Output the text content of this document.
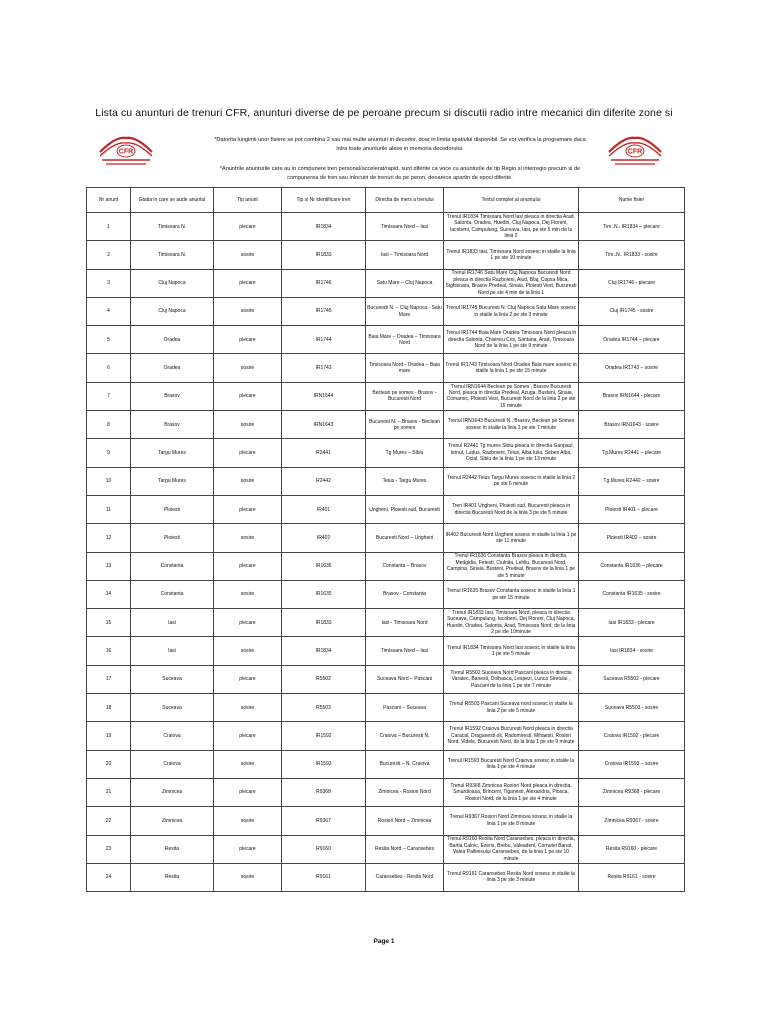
Lista cu anunturi de trenuri CFR, anunturi diverse de pe peroane precum si discutii radio intre mecanici din diferite zone si
CFR	CFR
*Datorita lungimii unor fisiere se pot combina 2 sau mai multe anunturi in decodor, doar in limita spatiului disponibil. Se vor verifica la programare daca intra toate anunturile alese in memoria decodorului.
*Anuntrile anunturile care au in compunere tren personal/accelerat/rapid, sunt diferite ca voce cu anunturile de tip Regio si interregio precum si de compunerea de tren sau inlocuiri de trenuri de pe peron, deoarece apartin de epoci diferite.
Nr anunt	Gtatia in care se aude anuntul	Tip anunt	Tip si Nr identificare tren	Directia de mers a trenului	Textul complet al anuntului	Nume fisier
1	Timisoara N.	plecare	IR1834	Timisoara Nord – Iasi	Trenul IR1834 Timisoara Nord Iasi pleaca in directia Arad, Salonta, Oradea, Huedin, Cluj Napoca, Dej Floreni, Iacobeni, Campulung, Suceava, Iasi, pe ste 5 min de la linia 2	Tim..N.. IR1834 – plecare
2	Timisoara N.	sosire	IR1833	Iasi – Timisoara Nord	Trenul IR1833 Iasi, Timisoara Nord sosesc in staiile la linia 1 pe ste 10 minute	Tim..N.. IR1833 - sosire
3	Cluj Napoca	plecare	IR1746	Satu Mare – Cluj Napoca	Trenul IR1746 Satu Mare Cluj Napoca Bucuresti Nord pleaca in directia Razboieni, Aiud, Blaj, Copsa Mica, Sighisoara, Brasov Predeal, Sinaia, Ploiesti Vest, Bucuresti Nord pe ste 4 min de la linia 1	Cluj IR1746 - plecare
4	Cluj Napoca	sosire	IR1745	Bucuresti N. – Cluj Napoca - Satu Mare	Trenul IR1745 Bucuresti N. Cluj Napoca Satu Mare sosesc in staiile la linia 2 pe ste 3 minute	Cluj IR1745 - sosire
5	Oradea	plecare	IR1744	Baia Mare – Oradea – Timisoara Nord	Trenul IR1744 Baia Mare Oradea Timisoara Nord pleaca in directia Salonta, Chisineu Cris, Santana, Arad, Timisoara Nord de la linia 1 pe ste 9 minute	Oradea IR1744 – plecare
6	Oradea	sosire	IR1743	Timisoara Nord - Oradea – Baia mare	Trenul IR1743 Timisoara Nord Oradea Baia mare sosesc in staiile la linia 1 pe ste 15 minute	Oradea IR1743 – sosire
7	Brasov	plecare	IRN1644	Beclean pe somes - Brasov - Bucuresti Nord	Trenul IRN1644 Beclean pe Somes , Brasov Bucuresti Nord, pleaca in directia Predeal, Azuga, Busteni, Sinaia, Comarnic, Ploiesti Vest, Bucuresti Nord de la linia 2 pe ste 15 minute	Brasov IRN1644 - plecare
8	Brasov	sosire	IRN1643	Bucuresti N. – Brasov - Beclean pe somes	Trenul IRN1643 Bucuresti N., Brasov, Beclean pe Somes sosesc in staiile la linia 2 pe ste 7 minute	Brasov IRN1643 - sosire
9	Targu Mures	plecare	R2441	Tg Mures – Sibiu	Trenul R2441 Tg mures Sibiu pleaca in directia Ganpaul, Iernut, Ludus, Razboieni, Teius, Alba Iulia, Sebes Alba, Ocial, Sibiu de la linia 1 pe ste 13 minute	Tg.Mures R2441 – plecare
10	Targu Mures	sosire	R2442	Teius - Targu Mures	Trenul R2442 Teius Targu Mures sosesc in staiile la linia 2 pe ste 6 minute	Tg.Mures R2442 – sosire
11	Ploiesti	plecare	IR401	Ungheni, Ploiesti sud, Bucuresti	Tren IR401 Ungheni, Ploiesti sud, Bucuresti pleaca in directia Bucuresti Nord de la linia 3 pe ste 5 minute	Ploiesti IR401 – plecare
12	Ploiesti	sosire	IR402	Bucuresti Nord – Ungheni	IR402 Bucuresti Nord Ungheni sosesc in staiile la linia 1 pe ste 11 minute	Ploiesti IR402 – sosire
13	Constanta	plecare	IR1636	Constanta – Brasov	Trenul IR1636 Constanta Brasov pleaca in directia, Medgidia, Fetesti, Ciulnita, Lehliu, Bucuresti Nord, Campina, Sinaia, Busteni, Predeal, Brasov de la linia 1 pe ste 5 minute	Constanta IR1636 – plecare
14	Constanta	sosire	IR1635	Brasov - Constanta	Trenul IR1635 Brasov Constanta sosesc in staiile la linia 1 pe ste 15 minute	Constanta IR1635 - sosire
15	Iasi	plecare	IR1833	Iasi - Timisoara Nord	Trenul IR1833 Iasi, Timisoara Nord, pleaca in directia Suceava, Campulung, Iacobeni, Dej Floreni, Cluj Napoca, Huedin, Oradea, Salonta, Arad, Timisoara Nord, de la linia 2 pe ste 10minute	Iasi IR1833 - plecare
16	Iasi	sosire	IR1834	Timisoara Nord – Iasi	Trenul IR1834 Timisoara Nord Iasi sosesc in staiile la linia 1 pe ste 5 minute	Iasi IR1834 - sosire
17	Suceava	plecare	R5502	Suceava Nord – Pascani	Trenul R5502 Suceava Nord Pascani pleaca in directia Varatec, Banesti, Dolhasca, Lespezi, Lunca Siretului , Pascani de la linia 1 pe ste 7 minute	Suceava R5502 - plecare
18	Suceava	sosire	R5503	Pascani – Suceava	Trenul R5503 Pascani Suceava nord sosesc in staiile la linia 2 pe ste 5 minute	Suceava R5503 - sosire
19	Craiova	plecare	IR1592	Craiova – Bucuresti N.	Trenul IR1592 Craiova Bucuresti Nord pleaca in directia Caracal, Draganesti olt, Radomiresti, Mihaesti, Rosiori Nord, Videle, Bucuresti Nord, de la linia 1 pe ste 9 minute	Craiova IR1592 - plecare
20	Craiova	sosire	IR1593	Bucuresti – N. Craiova	Trenul IR1593 Bucuresti Nord Craiova sosesc in staiile la linia 1 pe ste 4 minute	Craiova IR1593 – sosire
21	Zimnicea	plecare	R9368	Zimnicea - Rosiori Nord	Trenul R9368 Zimnicea Rosiori Nord pleaca in directia, Smardioasa, Brinceni, Tiganesti, Alexandria, Piosca, Rosiori Nord, de la linia 1 pe ste 4 minute	Zimnicea R9368 - plecare
22	Zimnicea	sosire	R9367	Rosiori Nord – Zimnicea	Trenul R9367 Rosiori Nord Zimnicea sosesc in staiile la linia 1 pe ste 8 minute	Zimnicea R9367 - sosire
23	Resita	plecare	R9160	Resita Nord – Caransebes	Trenul R9160 Resita Nord Caransebes, pleaca in directia, Bartia Calnic, Ezeris, Brebu, Valeadeni, Cornutel Banat, Valea Paltinisului Caransebes, de la linia 1 pe ste 10 minute	Resita R9160 - plecare
24	Resita	sosire	R9161	Caransebes - Resita Nord	Trenul R9161 Caransebes Resita Nord sosesc in staiile la linia 3 pe ste 3 minute	Resita R9161 - sosire
Page 1
